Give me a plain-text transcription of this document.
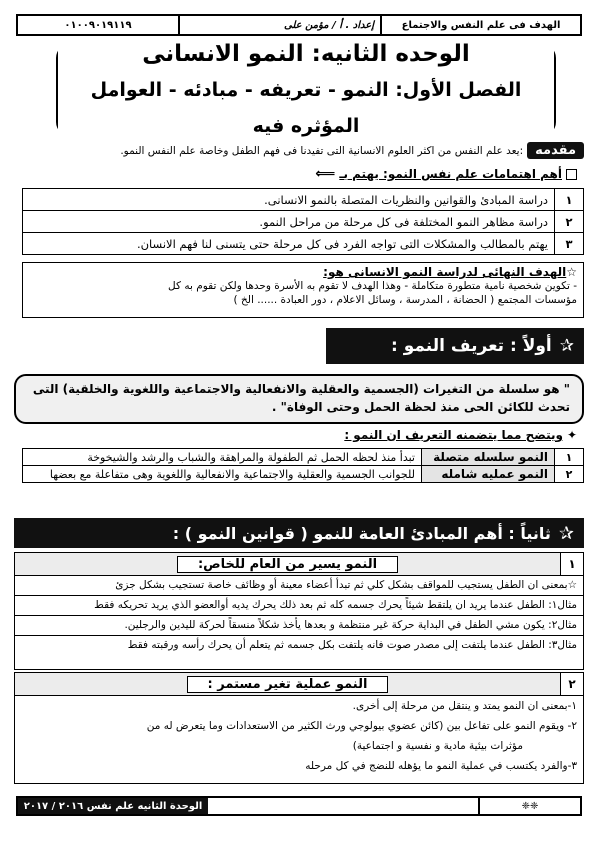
الهدف فى علم النفس والاجتماع
إعداد . أ / مؤمن على
٠١٠٠٩٠١٩١١٩
الوحده الثانيه: النمو الانسانى
الفصل الأول: النمو - تعريفه - مبادئه - العوامل المؤثره فيه
مقدمه
:يعد علم النفس من اكثر العلوم الانسانية التى تفيدنا فى فهم الطفل وخاصة علم النفس النمو.
أهم اهتمامات علم نفس النمو: يهتم بـ
⟸
١	دراسة المبادئ والقوانين والنظريات المتصلة بالنمو الانسانى.
٢	دراسة مظاهر النمو المختلفة فى كل مرحلة من مراحل النمو.
٣	يهتم بالمطالب والمشكلات التى تواجه الفرد فى كل مرحلة حتى يتسنى لنا فهم الانسان.
☆الهدف النهائى لدراسة النمو الانسانى هو:
- تكوين شخصية نامية متطورة متكاملة - وهذا الهدف لا تقوم به الأسرة وحدها ولكن تقوم به كل
مؤسسات المجتمع ( الحضانة ، المدرسة ، وسائل الاعلام ، دور العبادة ...... الخ )
✰
أولاً : تعريف النمو :
" هو سلسلة من التغيرات (الجسمية والعقلية والانفعالية والاجتماعية واللغوية والخلقية) التى
تحدث للكائن الحى منذ لحظة الحمل وحتى الوفاة" .
✦
ويتضح مما يتضمنه التعريف ان النمو :
١	النمو سلسله متصلة	تبدأ منذ لحظه الحمل ثم الطفولة والمراهقة والشباب والرشد والشيخوخة
٢	النمو عمليه شامله	للجوانب الجسمية والعقلية والاجتماعية والانفعالية واللغوية وهى متفاعلة مع بعضها
✰
ثانياً : أهم المبادئ العامة للنمو ( قوانين النمو ) :
١
النمو يسير من العام للخاص:
☆بمعنى ان الطفل يستجيب للمواقف بشكل كلي ثم تبدأ أعضاء معينة أو وظائف خاصة تستجيب بشكل جزئ
مثال١: الطفل عندما يريد ان يلتقط شيئاً يحرك جسمه كله ثم بعد ذلك يحرك يديه أوالعضو الذي يريد تحريكه فقط
مثال٢: يكون مشي الطفل في البداية حركة غير منتظمة و بعدها يأخذ شكلاً منسقاً لحركة لليدين والرجلين.
مثال٣: الطفل عندما يلتفت إلى مصدر صوت فانه يلتفت بكل جسمه ثم يتعلم أن يحرك رأسه ورقبته فقط
٢
النمو عملية تغير مستمر :
١-بمعنى ان النمو يمتد و ينتقل من مرحلة إلى أخرى.
٢- ويقوم النمو على تفاعل بين (كائن عضوي بيولوجي ورث الكثير من الاستعدادات وما يتعرض له من
مؤثرات بيئية مادية و نفسية و اجتماعية)
٣-والفرد يكتسب في عملية النمو ما يؤهله للنضج في كل مرحله
❈❈
الوحدة الثانيه علم نفس ٢٠١٦ / ٢٠١٧
